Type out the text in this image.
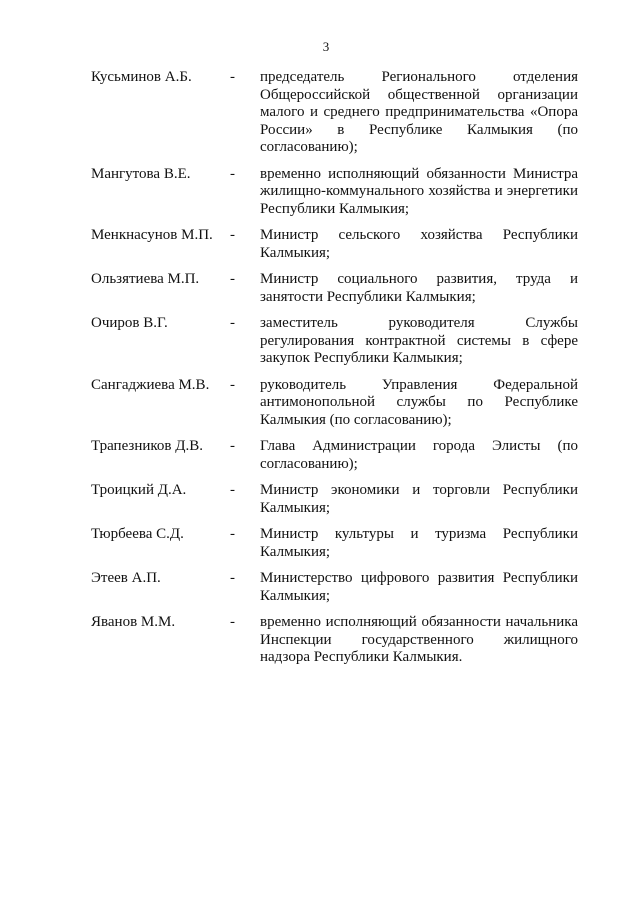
3
Кусьминов А.Б.	- председатель Регионального отделения Общероссийской общественной организации малого и среднего предпринимательства «Опора России» в Республике Калмыкия (по согласованию);
Мангутова В.Е.	- временно исполняющий обязанности Министра жилищно-коммунального хозяйства и энергетики Республики Калмыкия;
Менкнасунов М.П. - Министр сельского хозяйства Республики Калмыкия;
Ользятиева М.П. - Министр социального развития, труда и занятости Республики Калмыкия;
Очиров В.Г.	- заместитель руководителя Службы регулирования контрактной системы в сфере закупок Республики Калмыкия;
Сангаджиева М.В. - руководитель Управления Федеральной антимонопольной службы по Республике Калмыкия (по согласованию);
Трапезников Д.В. - Глава Администрации города Элисты (по согласованию);
Троицкий Д.А.	- Министр экономики и торговли Республики Калмыкия;
Тюрбеева С.Д.	- Министр культуры и туризма Республики Калмыкия;
Этеев А.П.	- Министерство цифрового развития Республики Калмыкия;
Яванов М.М.	- временно исполняющий обязанности начальника Инспекции государственного жилищного надзора Республики Калмыкия.
